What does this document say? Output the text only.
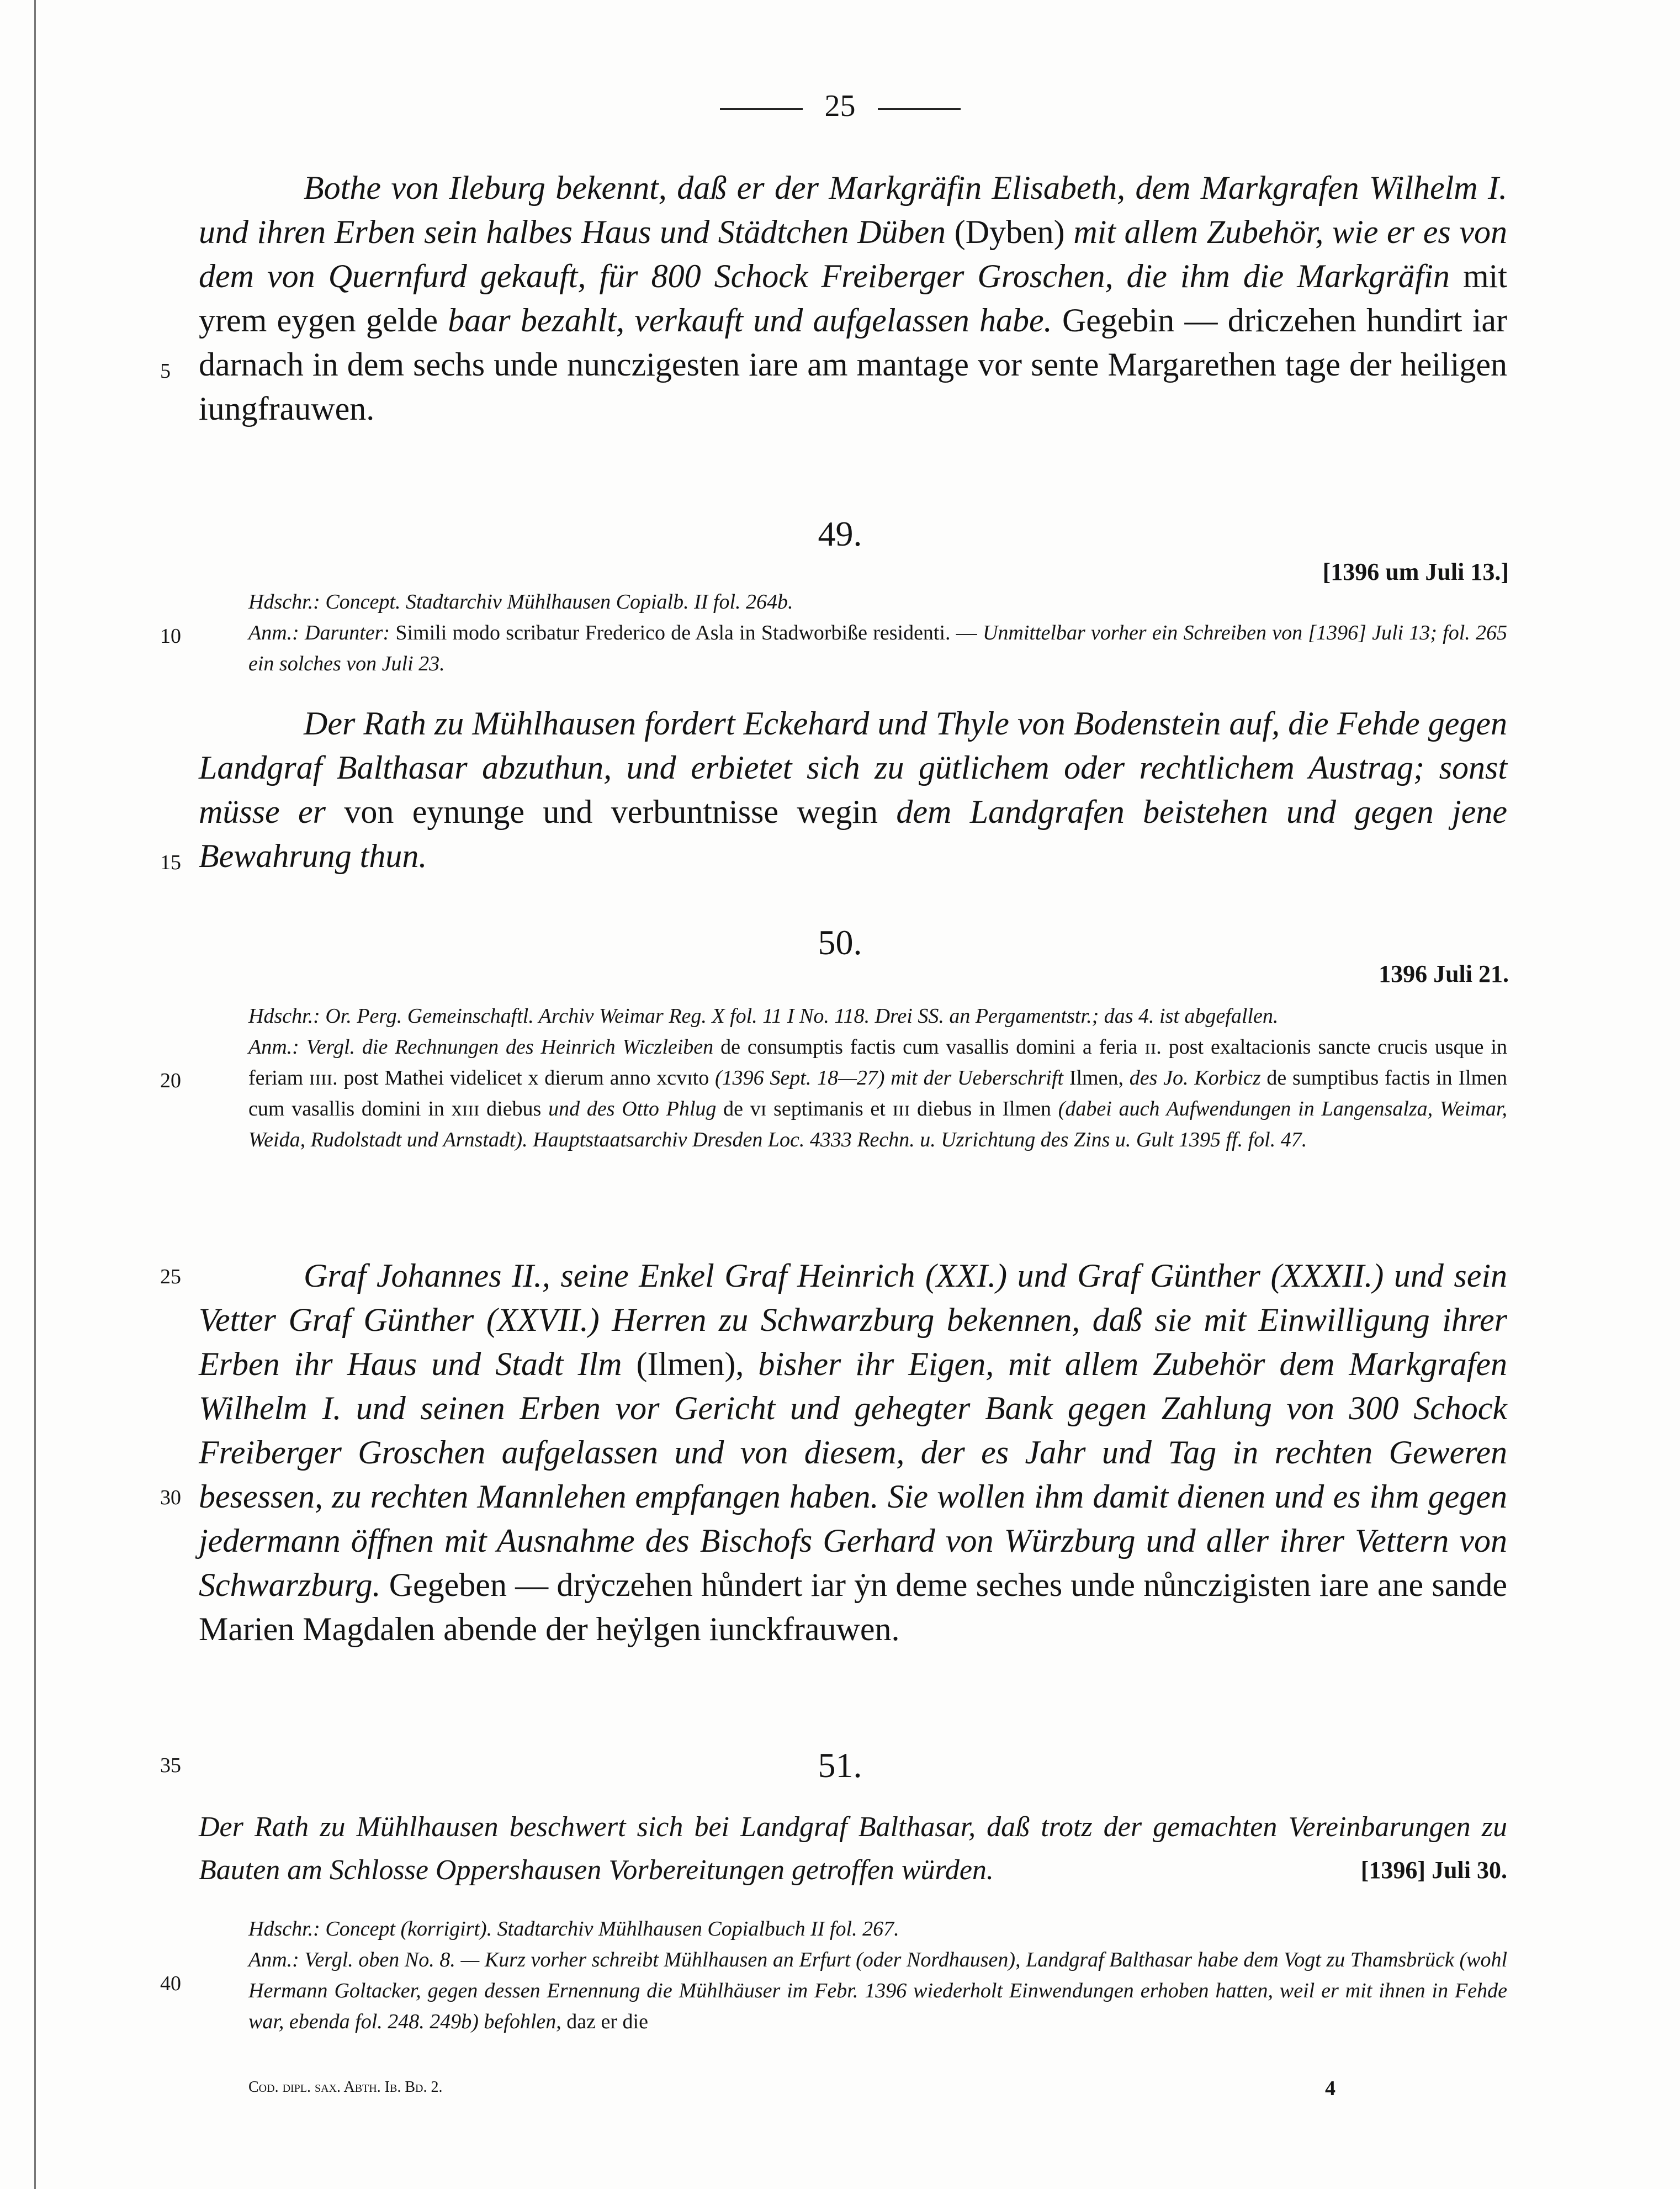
25

Bothe von Ileburg bekennt, daß er der Markgräfin Elisabeth, dem Markgrafen Wilhelm I. und ihren Erben sein halbes Haus und Städtchen Düben (Dyben) mit allem Zubehör, wie er es von dem von Quernfurd gekauft, für 800 Schock Freiberger Groschen, die ihm die Markgräfin mit yrem eygen gelde baar bezahlt, verkauft und aufgelassen habe. Gegebin — driczehen hundirt iar darnach in dem sechs unde nunczigesten iare am mantage vor sente Margarethen tage der heiligen iungfrauwen.

49.
[1396 um Juli 13.]
Hdschr.: Concept. Stadtarchiv Mühlhausen Copialb. II fol. 264b.
Anm.: Darunter: Simili modo scribatur Frederico de Asla in Stadworbiße residenti. — Unmittelbar vorher ein Schreiben von [1396] Juli 13; fol. 265 ein solches von Juli 23.

Der Rath zu Mühlhausen fordert Eckehard und Thyle von Bodenstein auf, die Fehde gegen Landgraf Balthasar abzuthun, und erbietet sich zu gütlichem oder rechtlichem Austrag; sonst müsse er von eynunge und verbuntnisse wegin dem Landgrafen beistehen und gegen jene Bewahrung thun.

50.
1396 Juli 21.
Hdschr.: Or. Perg. Gemeinschaftl. Archiv Weimar Reg. X fol. 11 I No. 118. Drei SS. an Pergamentstr.; das 4. ist abgefallen.
Anm.: Vergl. die Rechnungen des Heinrich Wiczleiben de consumptis factis cum vasallis domini a feria ɪɪ. post exaltacionis sancte crucis usque in feriam ɪɪɪɪ. post Mathei videlicet x dierum anno xcvɪto (1396 Sept. 18—27) mit der Ueberschrift Ilmen, des Jo. Korbicz de sumptibus factis in Ilmen cum vasallis domini in xɪɪɪ diebus und des Otto Phlug de vɪ septimanis et ɪɪɪ diebus in Ilmen (dabei auch Aufwendungen in Langensalza, Weimar, Weida, Rudolstadt und Arnstadt). Hauptstaatsarchiv Dresden Loc. 4333 Rechn. u. Uzrichtung des Zins u. Gult 1395 ff. fol. 47.

Graf Johannes II., seine Enkel Graf Heinrich (XXI.) und Graf Günther (XXXII.) und sein Vetter Graf Günther (XXVII.) Herren zu Schwarzburg bekennen, daß sie mit Einwilligung ihrer Erben ihr Haus und Stadt Ilm (Ilmen), bisher ihr Eigen, mit allem Zubehör dem Markgrafen Wilhelm I. und seinen Erben vor Gericht und gehegter Bank gegen Zahlung von 300 Schock Freiberger Groschen aufgelassen und von diesem, der es Jahr und Tag in rechten Geweren besessen, zu rechten Mannlehen empfangen haben. Sie wollen ihm damit dienen und es ihm gegen jedermann öffnen mit Ausnahme des Bischofs Gerhard von Würzburg und aller ihrer Vettern von Schwarzburg. Gegeben — drẏczehen hůndert iar ẏn deme seches unde nůnczigisten iare ane sande Marien Magdalen abende der heẏlgen iunckfrauwen.

51.

Der Rath zu Mühlhausen beschwert sich bei Landgraf Balthasar, daß trotz der gemachten Vereinbarungen zu Bauten am Schlosse Oppershausen Vorbereitungen getroffen würden.	[1396] Juli 30.

Hdschr.: Concept (korrigirt). Stadtarchiv Mühlhausen Copialbuch II fol. 267.
Anm.: Vergl. oben No. 8. — Kurz vorher schreibt Mühlhausen an Erfurt (oder Nordhausen), Landgraf Balthasar habe dem Vogt zu Thamsbrück (wohl Hermann Goltacker, gegen dessen Ernennung die Mühlhäuser im Febr. 1396 wiederholt Einwendungen erhoben hatten, weil er mit ihnen in Fehde war, ebenda fol. 248. 249b) befohlen, daz er die
5
10
15
20
25
30
35
40
Cod. dipl. sax. Abth. Ib. Bd. 2.	4
